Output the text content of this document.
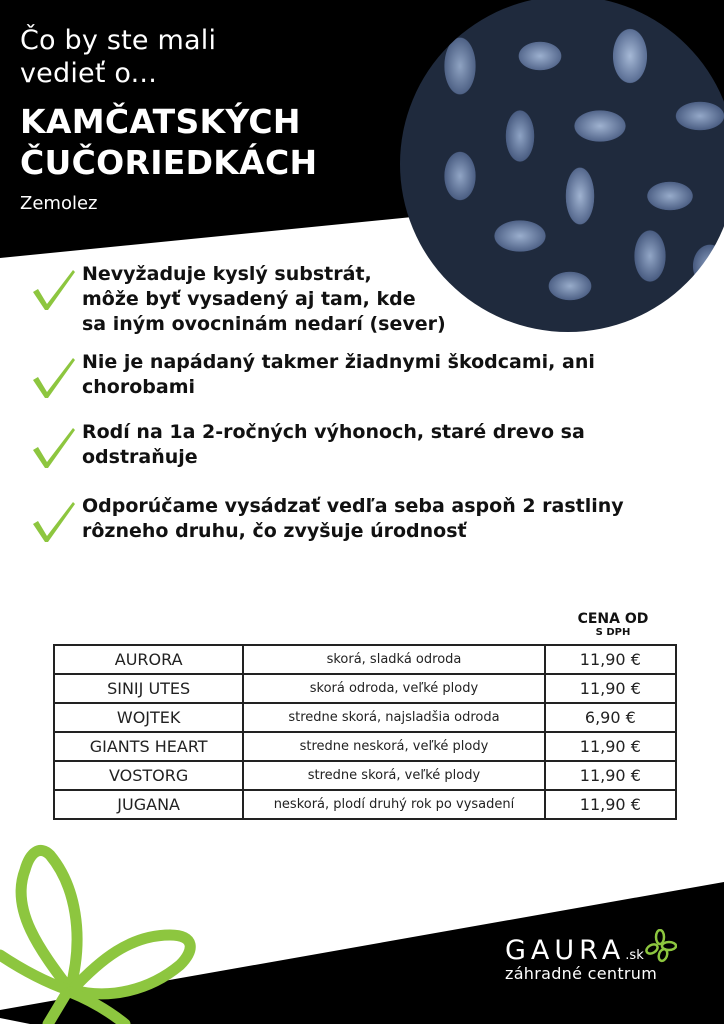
Čo by ste mali
vedieť o...
KAMČATSKÝCH
ČUČORIEDKÁCH
Zemolez
Nevyžaduje kyslý substrát,
môže byť vysadený aj tam, kde
sa iným ovocninám nedarí (sever)
Nie je napádaný takmer žiadnymi škodcami, ani
chorobami
Rodí na 1a 2-ročných výhonoch, staré drevo sa
odstraňuje
Odporúčame vysádzať vedľa seba aspoň 2 rastliny
rôzneho druhu, čo zvyšuje úrodnosť
CENA OD
S DPH
AURORA	skorá, sladká odroda	11,90 €
SINIJ UTES	skorá odroda, veľké plody	11,90 €
WOJTEK	stredne skorá, najsladšia odroda	6,90 €
GIANTS HEART	stredne neskorá, veľké plody	11,90 €
VOSTORG	stredne skorá, veľké plody	11,90 €
JUGANA	neskorá, plodí druhý rok po vysadení	11,90 €
GAURA.sk
záhradné centrum
